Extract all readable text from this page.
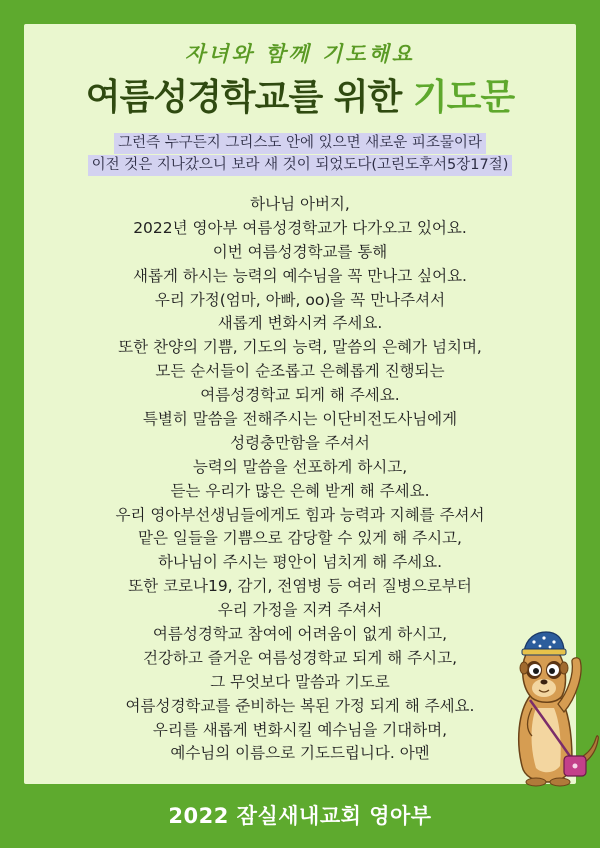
자녀와 함께 기도해요
여름성경학교를 위한 기도문
그런즉 누구든지 그리스도 안에 있으면 새로운 피조물이라
이전 것은 지나갔으니 보라 새 것이 되었도다(고린도후서5장17절)
하나님 아버지,
2022년 영아부 여름성경학교가 다가오고 있어요.
이번 여름성경학교를 통해
새롭게 하시는 능력의 예수님을 꼭 만나고 싶어요.
우리 가정(엄마, 아빠, oo)을 꼭 만나주셔서
새롭게 변화시켜 주세요.
또한 찬양의 기쁨, 기도의 능력, 말씀의 은혜가 넘치며,
모든 순서들이 순조롭고 은혜롭게 진행되는
여름성경학교 되게 해 주세요.
특별히 말씀을 전해주시는 이단비전도사님에게
성령충만함을 주셔서
능력의 말씀을 선포하게 하시고,
듣는 우리가 많은 은혜 받게 해 주세요.
우리 영아부선생님들에게도 힘과 능력과 지혜를 주셔서
맡은 일들을 기쁨으로 감당할 수 있게 해 주시고,
하나님이 주시는 평안이 넘치게 해 주세요.
또한 코로나19, 감기, 전염병 등 여러 질병으로부터
우리 가정을 지켜 주셔서
여름성경학교 참여에 어려움이 없게 하시고,
건강하고 즐거운 여름성경학교 되게 해 주시고,
그 무엇보다 말씀과 기도로
여름성경학교를 준비하는 복된 가정 되게 해 주세요.
우리를 새롭게 변화시킬 예수님을 기대하며,
예수님의 이름으로 기도드립니다. 아멘
2022 잠실새내교회 영아부
